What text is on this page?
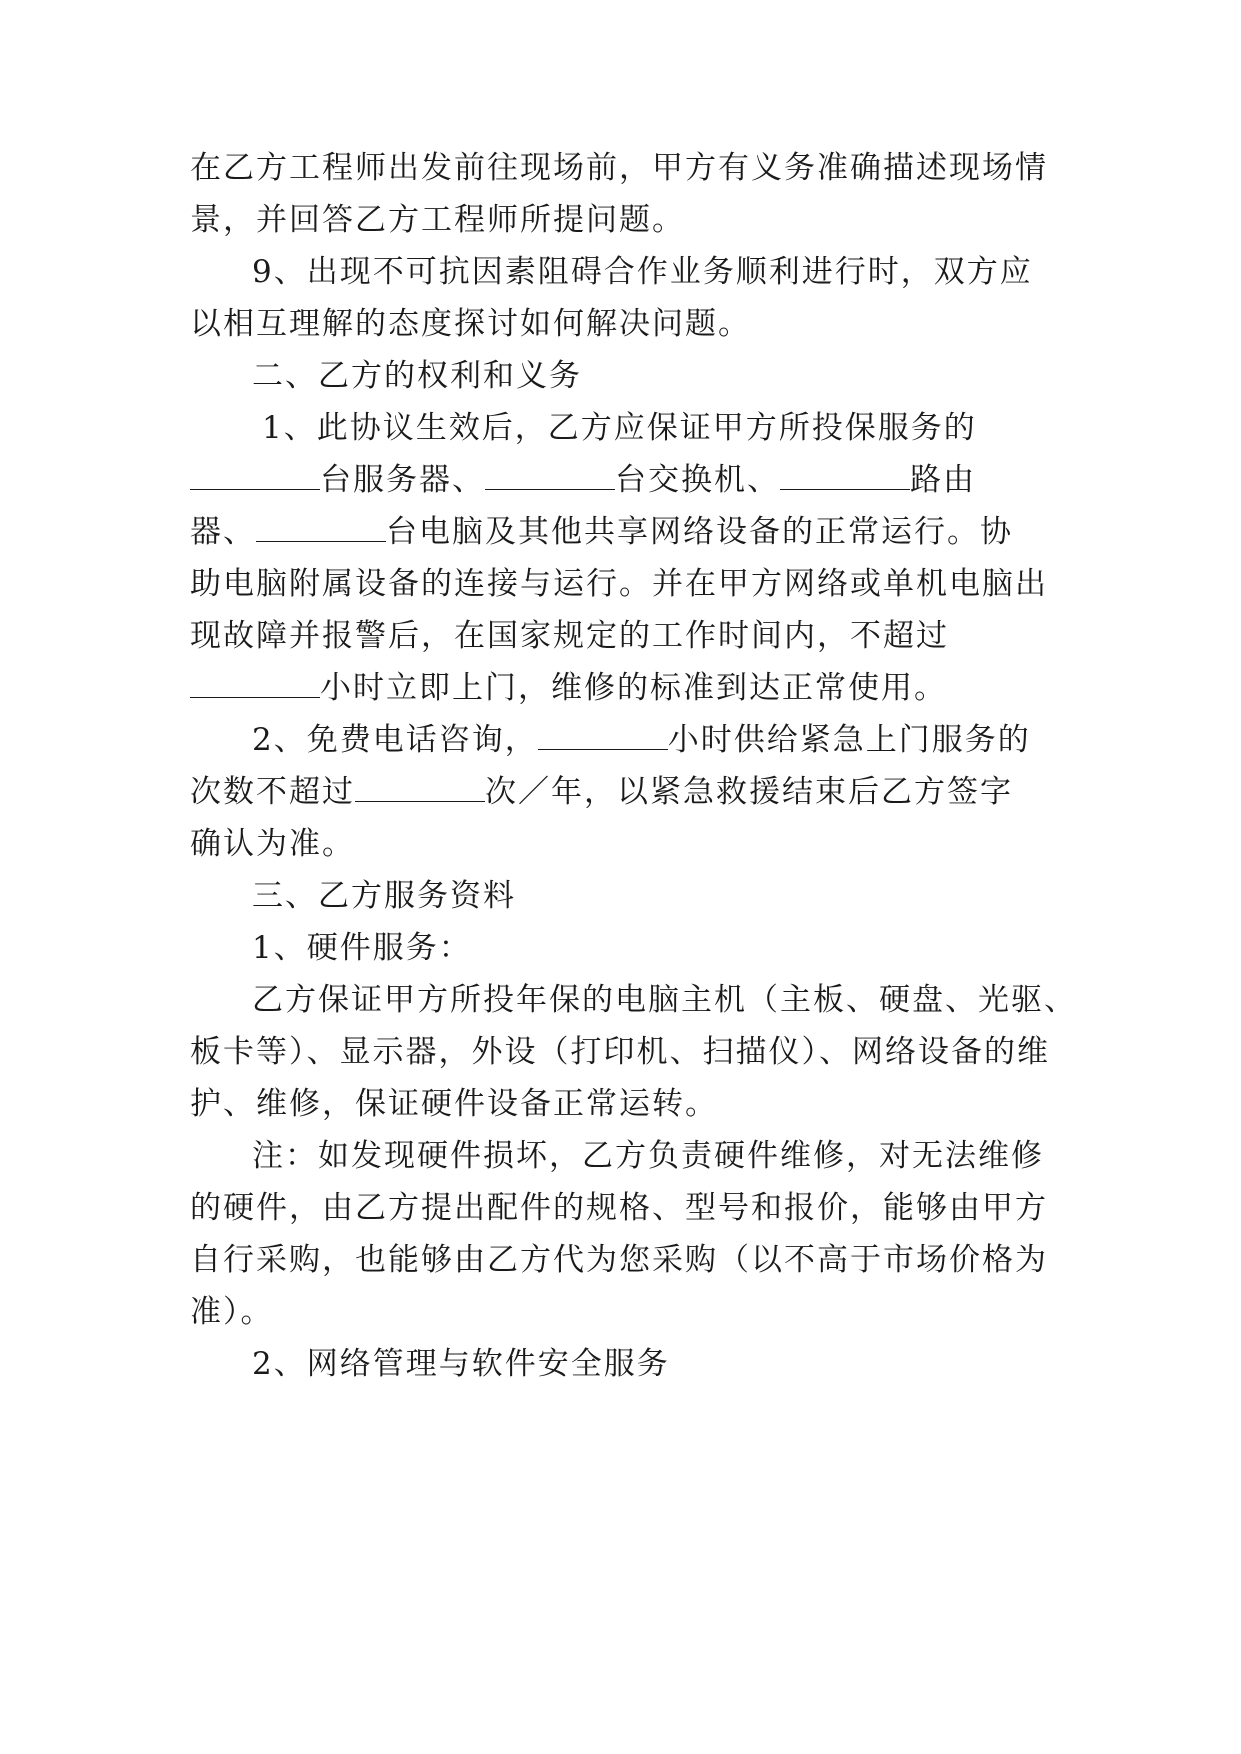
在乙方工程师出发前往现场前，甲方有义务准确描述现场情
景，并回答乙方工程师所提问题。
9、出现不可抗因素阻碍合作业务顺利进行时，双方应
以相互理解的态度探讨如何解决问题。
二、乙方的权利和义务
1、此协议生效后，乙方应保证甲方所投保服务的
台服务器、	台交换机、	路由
器、	台电脑及其他共享网络设备的正常运行。协
助电脑附属设备的连接与运行。并在甲方网络或单机电脑出
现故障并报警后，在国家规定的工作时间内，不超过
小时立即上门，维修的标准到达正常使用。
2、免费电话咨询，	小时供给紧急上门服务的
次数不超过	次／年，以紧急救援结束后乙方签字
确认为准。
三、乙方服务资料
1、硬件服务：
乙方保证甲方所投年保的电脑主机（主板、硬盘、光驱、
板卡等）、显示器，外设（打印机、扫描仪）、网络设备的维
护、维修，保证硬件设备正常运转。
注：如发现硬件损坏，乙方负责硬件维修，对无法维修
的硬件，由乙方提出配件的规格、型号和报价，能够由甲方
自行采购，也能够由乙方代为您采购（以不高于市场价格为
准）。
2、网络管理与软件安全服务
